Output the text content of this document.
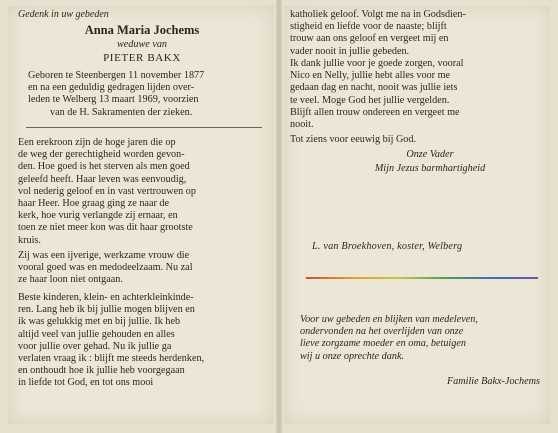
Gedenk in uw gebeden
Anna Maria Jochems
weduwe van
PIETER BAKX
Geboren te Steenbergen 11 november 1877
en na een geduldig gedragen lijden over-
leden te Welberg 13 maart 1969, voorzien
van de H. Sakramenten der zieken.
Een erekroon zijn de hoge jaren die op
de weg der gerechtigheid worden gevon-
den. Hoe goed is het sterven als men goed
geleefd heeft. Haar leven was eenvoudig,
vol nederig geloof en in vast vertrouwen op
haar Heer. Hoe graag ging ze naar de
kerk, hoe vurig verlangde zij ernaar, en
toen ze niet meer kon was dit haar grootste
kruis.
Zij was een ijverige, werkzame vrouw die
vooral goed was en medodeelzaam. Nu zal
ze haar loon niet ontgaan.
Beste kinderen, klein- en achterkleinkinde-
ren. Lang heb ik bij jullie mogen blijven en
ik was gelukkig met en bij jullie. Ik heb
altijd veel van jullie gehouden en alles
voor jullie over gehad. Nu ik jullie ga
verlaten vraag ik : blijft me steeds herdenken,
en onthoudt hoe ik jullie heb voorgegaan
in liefde tot God, en tot ons mooi
katholiek geloof. Volgt me na in Godsdien-
stigheid en liefde voor de naaste; blijft
trouw aan ons geloof en vergeet mij en
vader nooit in jullie gebeden.
Ik dank jullie voor je goede zorgen, vooral
Nico en Nelly, jullie hebt alles voor me
gedaan dag en nacht, nooit was jullie iets
te veel. Moge God het jullie vergelden.
Blijft allen trouw ondereen en vergeet me
nooit.
Tot ziens voor eeuwig bij God.
Onze Vader
Mijn Jezus barmhartigheid
L. van Broekhoven, koster, Welberg
Voor uw gebeden en blijken van medeleven,
ondervonden na het overlijden van onze
lieve zorgzame moeder en oma, betuigen
wij u onze oprechte dank.
Familie Bakx-Jochems
